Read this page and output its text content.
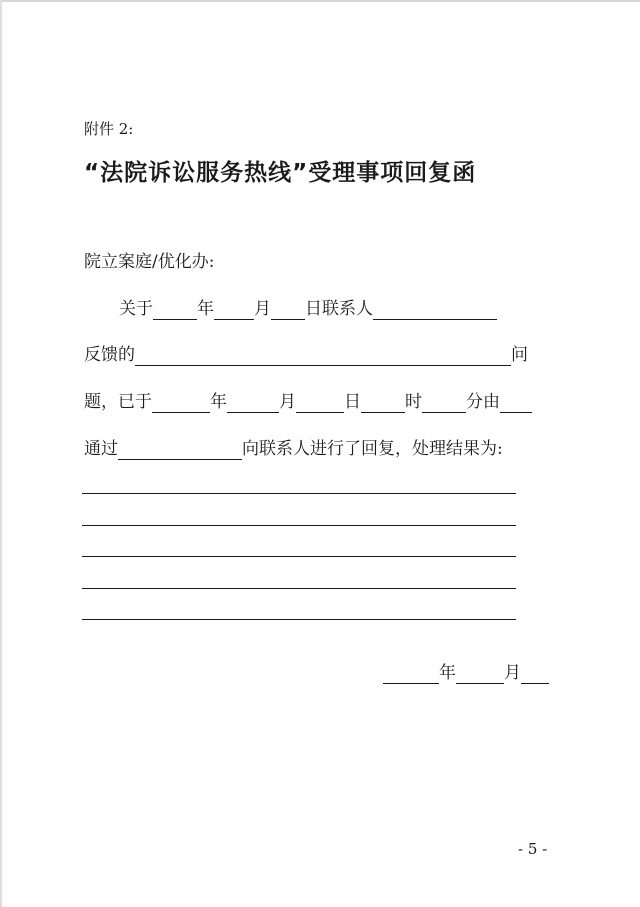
附件 2:
“法院诉讼服务热线”受理事项回复函
院立案庭/优化办:
关于	年 月 日联系人
反馈的	问
题，已于	年	月	日	时	分由
通过	向联系人进行了回复，处理结果为:
年	月
- 5 -
